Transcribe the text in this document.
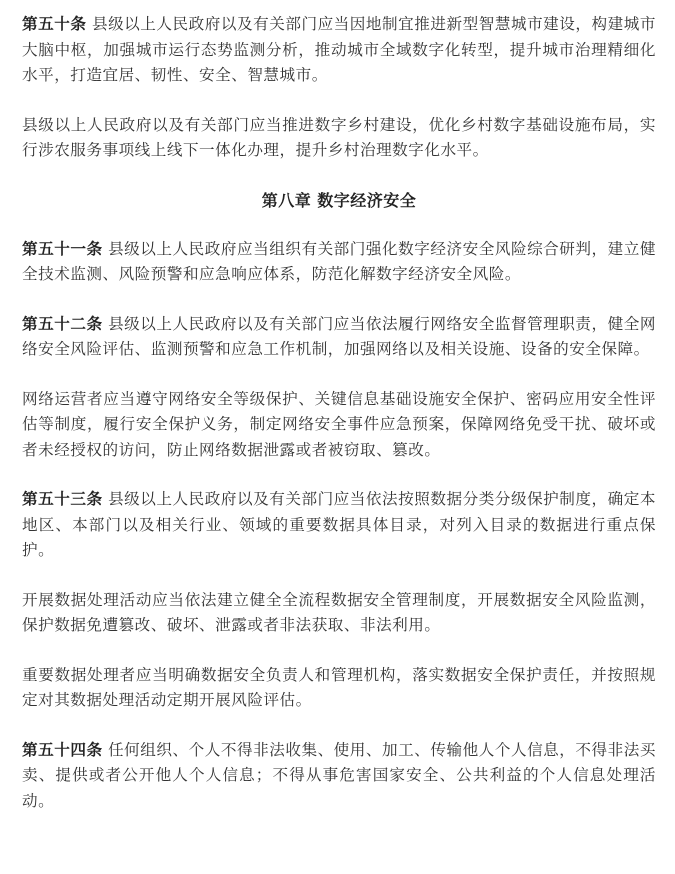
第五十条 县级以上人民政府以及有关部门应当因地制宜推进新型智慧城市建设，构建城市大脑中枢，加强城市运行态势监测分析，推动城市全域数字化转型，提升城市治理精细化水平，打造宜居、韧性、安全、智慧城市。

县级以上人民政府以及有关部门应当推进数字乡村建设，优化乡村数字基础设施布局，实行涉农服务事项线上线下一体化办理，提升乡村治理数字化水平。

第八章 数字经济安全

第五十一条 县级以上人民政府应当组织有关部门强化数字经济安全风险综合研判，建立健全技术监测、风险预警和应急响应体系，防范化解数字经济安全风险。

第五十二条 县级以上人民政府以及有关部门应当依法履行网络安全监督管理职责，健全网络安全风险评估、监测预警和应急工作机制，加强网络以及相关设施、设备的安全保障。

网络运营者应当遵守网络安全等级保护、关键信息基础设施安全保护、密码应用安全性评估等制度，履行安全保护义务，制定网络安全事件应急预案，保障网络免受干扰、破坏或者未经授权的访问，防止网络数据泄露或者被窃取、篡改。

第五十三条 县级以上人民政府以及有关部门应当依法按照数据分类分级保护制度，确定本地区、本部门以及相关行业、领域的重要数据具体目录，对列入目录的数据进行重点保护。

开展数据处理活动应当依法建立健全全流程数据安全管理制度，开展数据安全风险监测，保护数据免遭篡改、破坏、泄露或者非法获取、非法利用。

重要数据处理者应当明确数据安全负责人和管理机构，落实数据安全保护责任，并按照规定对其数据处理活动定期开展风险评估。

第五十四条 任何组织、个人不得非法收集、使用、加工、传输他人个人信息，不得非法买卖、提供或者公开他人个人信息；不得从事危害国家安全、公共利益的个人信息处理活动。
